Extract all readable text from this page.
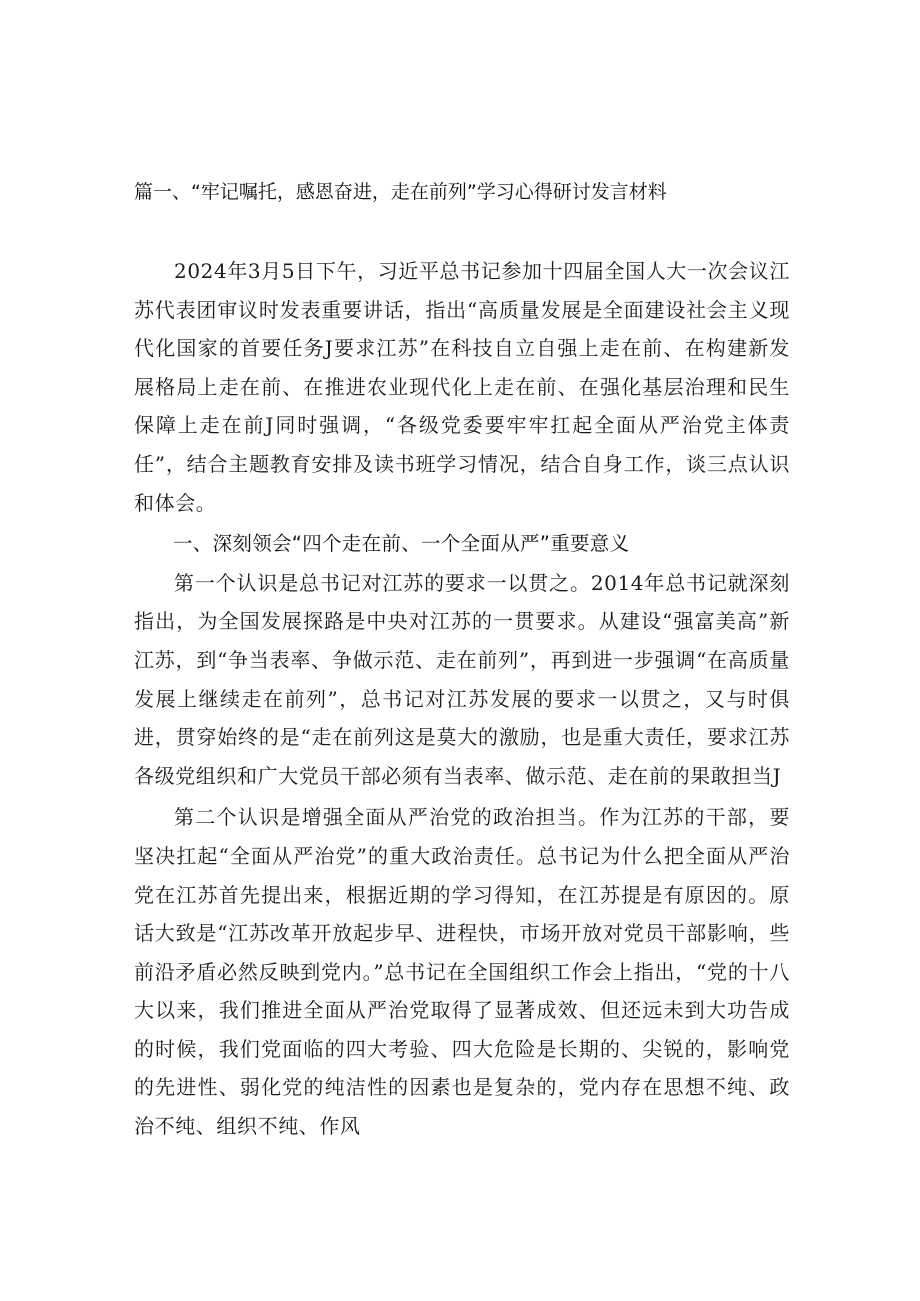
篇一、“牢记嘱托，感恩奋进，走在前列”学习心得研讨发言材料

2024年3月5日下午，习近平总书记参加十四届全国人大一次会议江苏代表团审议时发表重要讲话，指出“高质量发展是全面建设社会主义现代化国家的首要任务J要求江苏”在科技自立自强上走在前、在构建新发展格局上走在前、在推进农业现代化上走在前、在强化基层治理和民生保障上走在前J同时强调，“各级党委要牢牢扛起全面从严治党主体责任”，结合主题教育安排及读书班学习情况，结合自身工作，谈三点认识和体会。

一、深刻领会“四个走在前、一个全面从严”重要意义

第一个认识是总书记对江苏的要求一以贯之。2014年总书记就深刻指出，为全国发展探路是中央对江苏的一贯要求。从建设“强富美高”新江苏，到“争当表率、争做示范、走在前列”，再到进一步强调“在高质量发展上继续走在前列”，总书记对江苏发展的要求一以贯之，又与时俱进，贯穿始终的是“走在前列这是莫大的激励，也是重大责任，要求江苏各级党组织和广大党员干部必须有当表率、做示范、走在前的果敢担当J

第二个认识是增强全面从严治党的政治担当。作为江苏的干部，要坚决扛起“全面从严治党”的重大政治责任。总书记为什么把全面从严治党在江苏首先提出来，根据近期的学习得知，在江苏提是有原因的。原话大致是“江苏改革开放起步早、进程快，市场开放对党员干部影响，些前沿矛盾必然反映到党内。”总书记在全国组织工作会上指出，“党的十八大以来，我们推进全面从严治党取得了显著成效、但还远未到大功告成的时候，我们党面临的四大考验、四大危险是长期的、尖锐的，影响党的先进性、弱化党的纯洁性的因素也是复杂的，党内存在思想不纯、政治不纯、组织不纯、作风
